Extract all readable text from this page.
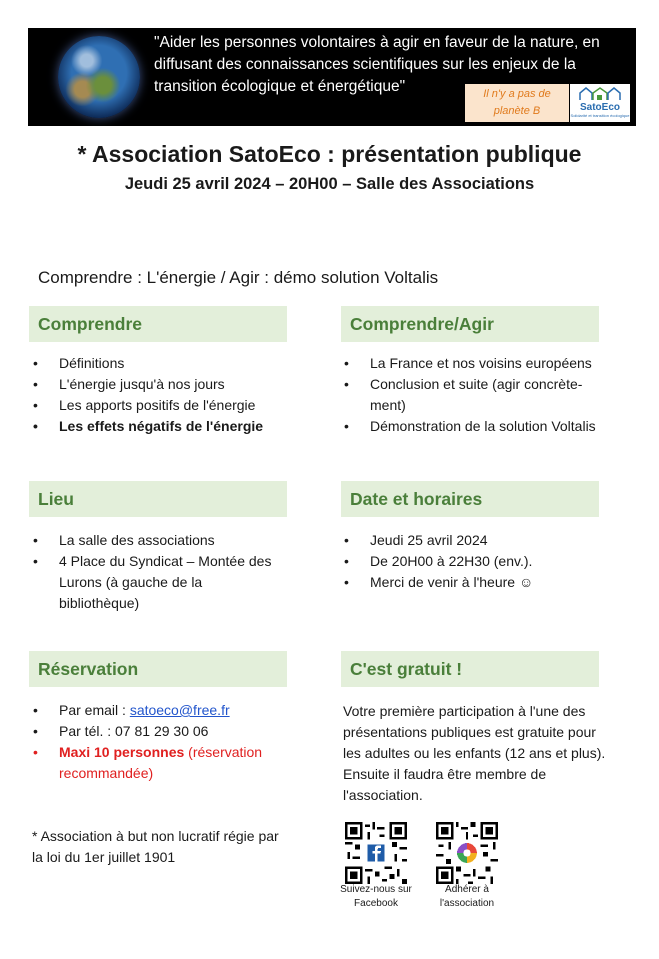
"Aider les personnes volontaires à agir en faveur de la nature, en diffusant des connaissances scientifiques sur les enjeux de la transition écologique et énergétique"	Il n'y a pas de planète B	SatoEco
Solidarité et transition écologique
* Association SatoEco : présentation publique
Jeudi 25 avril 2024 – 20H00 – Salle des Associations

Comprendre : L'énergie / Agir : démo solution Voltalis

Comprendre
• Définitions
• L'énergie jusqu'à nos jours
• Les apports positifs de l'énergie
• Les effets négatifs de l'énergie
Comprendre/Agir
• La France et nos voisins européens
• Conclusion et suite (agir concrète-ment)
• Démonstration de la solution Voltalis
Lieu
• La salle des associations
• 4 Place du Syndicat – Montée des Lurons (à gauche de la bibliothèque)
Date et horaires
• Jeudi 25 avril 2024
• De 20H00 à 22H30 (env.).
• Merci de venir à l'heure ☺
Réservation
• Par email : satoeco@free.fr
• Par tél. : 07 81 29 30 06
• Maxi 10 personnes (réservation recommandée)
C'est gratuit !

Votre première participation à l'une des présentations publiques est gratuite pour les adultes ou les enfants (12 ans et plus). Ensuite il faudra être membre de l'association.

* Association à but non lucratif régie par la loi du 1er juillet 1901

Suivez-nous sur Facebook
Adhérer à l'association
